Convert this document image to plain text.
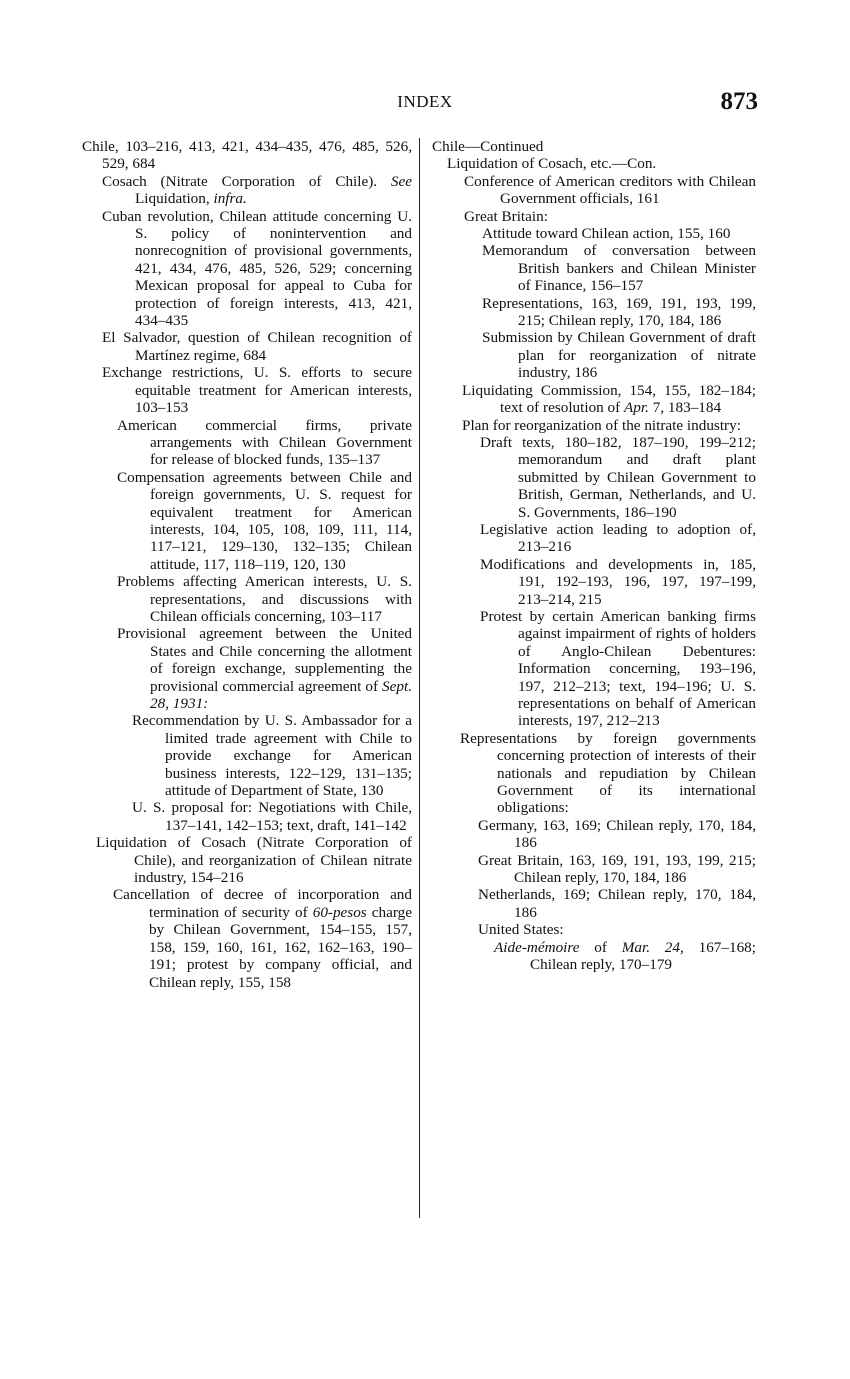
INDEX	873
Chile, 103–216, 413, 421, 434–435, 476, 485, 526, 529, 684
Cosach (Nitrate Corporation of Chile). See Liquidation, infra.
Cuban revolution, Chilean attitude concerning U. S. policy of nonintervention and nonrecognition of provisional governments, 421, 434, 476, 485, 526, 529; concerning Mexican proposal for appeal to Cuba for protection of foreign interests, 413, 421, 434–435
El Salvador, question of Chilean recognition of Martínez regime, 684
Exchange restrictions, U. S. efforts to secure equitable treatment for American interests, 103–153
American commercial firms, private arrangements with Chilean Government for release of blocked funds, 135–137
Compensation agreements between Chile and foreign governments, U. S. request for equivalent treatment for American interests, 104, 105, 108, 109, 111, 114, 117–121, 129–130, 132–135; Chilean attitude, 117, 118–119, 120, 130
Problems affecting American interests, U. S. representations, and discussions with Chilean officials concerning, 103–117
Provisional agreement between the United States and Chile concerning the allotment of foreign exchange, supplementing the provisional commercial agreement of Sept. 28, 1931:
Recommendation by U. S. Ambassador for a limited trade agreement with Chile to provide exchange for American business interests, 122–129, 131–135; attitude of Department of State, 130
U. S. proposal for: Negotiations with Chile, 137–141, 142–153; text, draft, 141–142
Liquidation of Cosach (Nitrate Corporation of Chile), and reorganization of Chilean nitrate industry, 154–216
Cancellation of decree of incorporation and termination of security of 60-pesos charge by Chilean Government, 154–155, 157, 158, 159, 160, 161, 162, 162–163, 190–191; protest by company official, and Chilean reply, 155, 158
Chile—Continued
Liquidation of Cosach, etc.—Con.
Conference of American creditors with Chilean Government officials, 161
Great Britain:
Attitude toward Chilean action, 155, 160
Memorandum of conversation between British bankers and Chilean Minister of Finance, 156–157
Representations, 163, 169, 191, 193, 199, 215; Chilean reply, 170, 184, 186
Submission by Chilean Government of draft plan for reorganization of nitrate industry, 186
Liquidating Commission, 154, 155, 182–184; text of resolution of Apr. 7, 183–184
Plan for reorganization of the nitrate industry:
Draft texts, 180–182, 187–190, 199–212; memorandum and draft plant submitted by Chilean Government to British, German, Netherlands, and U. S. Governments, 186–190
Legislative action leading to adoption of, 213–216
Modifications and developments in, 185, 191, 192–193, 196, 197, 197–199, 213–214, 215
Protest by certain American banking firms against impairment of rights of holders of Anglo-Chilean Debentures: Information concerning, 193–196, 197, 212–213; text, 194–196; U. S. representations on behalf of American interests, 197, 212–213
Representations by foreign governments concerning protection of interests of their nationals and repudiation by Chilean Government of its international obligations:
Germany, 163, 169; Chilean reply, 170, 184, 186
Great Britain, 163, 169, 191, 193, 199, 215; Chilean reply, 170, 184, 186
Netherlands, 169; Chilean reply, 170, 184, 186
United States:
Aide-mémoire of Mar. 24, 167–168; Chilean reply, 170–179
